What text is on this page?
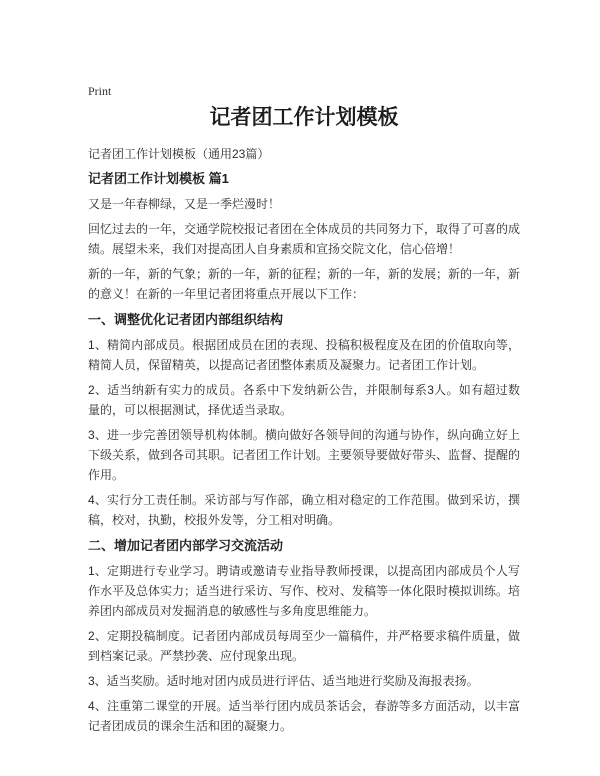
Print
记者团工作计划模板

记者团工作计划模板（通用23篇）

记者团工作计划模板 篇1

又是一年春柳绿，又是一季烂漫时！

回忆过去的一年，交通学院校报记者团在全体成员的共同努力下，取得了可喜的成绩。展望未来，我们对提高团人自身素质和宣扬交院文化，信心倍增！

新的一年，新的气象；新的一年，新的征程；新的一年，新的发展；新的一年，新的意义！在新的一年里记者团将重点开展以下工作：

一、调整优化记者团内部组织结构

1、精简内部成员。根据团成员在团的表现、投稿积极程度及在团的价值取向等，精简人员，保留精英，以提高记者团整体素质及凝聚力。记者团工作计划。

2、适当纳新有实力的成员。各系中下发纳新公告，并限制每系3人。如有超过数量的，可以根据测试，择优适当录取。

3、进一步完善团领导机构体制。横向做好各领导间的沟通与协作，纵向确立好上下级关系，做到各司其职。记者团工作计划。主要领导要做好带头、监督、提醒的作用。

4、实行分工责任制。采访部与写作部，确立相对稳定的工作范围。做到采访，撰稿，校对，执勤，校报外发等，分工相对明确。

二、增加记者团内部学习交流活动

1、定期进行专业学习。聘请或邀请专业指导教师授课，以提高团内部成员个人写作水平及总体实力；适当进行采访、写作、校对、发稿等一体化限时模拟训练。培养团内部成员对发掘消息的敏感性与多角度思维能力。

2、定期投稿制度。记者团内部成员每周至少一篇稿件，并严格要求稿件质量，做到档案记录。严禁抄袭、应付现象出现。

3、适当奖励。适时地对团内成员进行评估、适当地进行奖励及海报表扬。

4、注重第二课堂的开展。适当举行团内成员茶话会，春游等多方面活动，以丰富记者团成员的课余生活和团的凝聚力。
